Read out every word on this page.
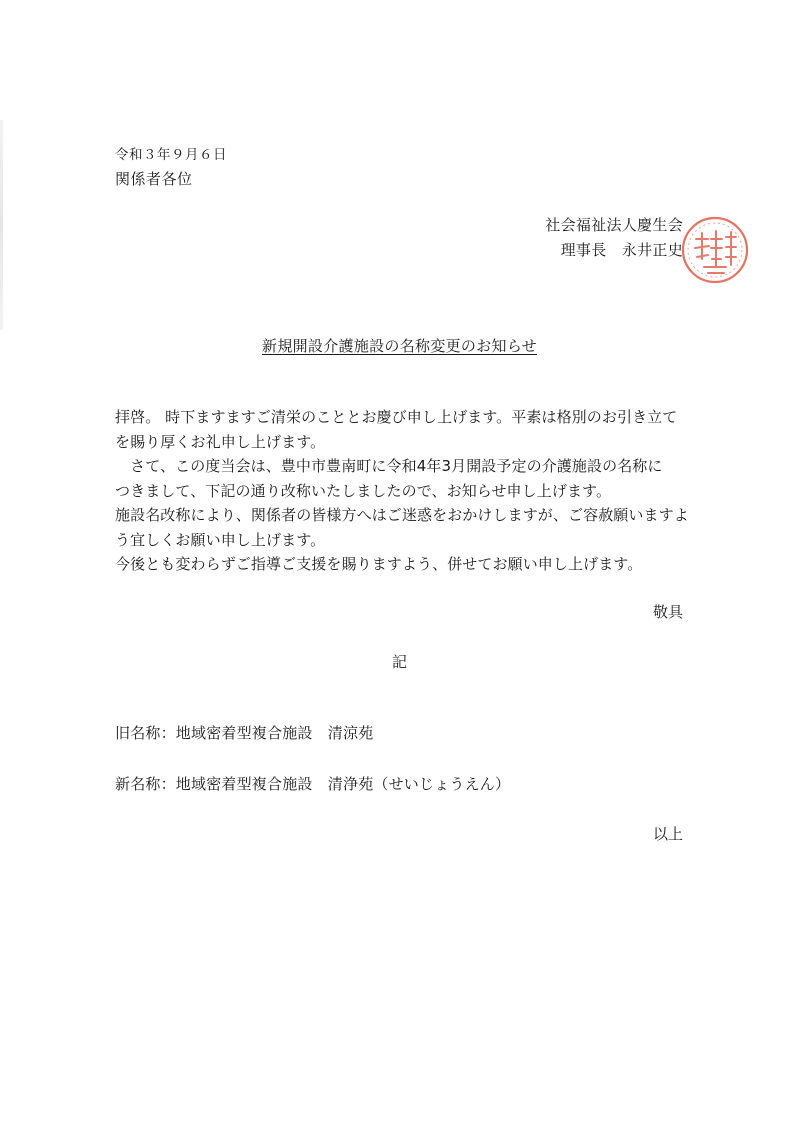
令和３年９月６日
関係者各位
社会福祉法人慶生会
理事長　永井正史
新規開設介護施設の名称変更のお知らせ

拝啓。 時下ますますご清栄のこととお慶び申し上げます。平素は格別のお引き立て

を賜り厚くお礼申し上げます。

　さて、この度当会は、豊中市豊南町に令和4年3月開設予定の介護施設の名称に

つきまして、下記の通り改称いたしましたので、お知らせ申し上げます。

施設名改称により、関係者の皆様方へはご迷惑をおかけしますが、ご容赦願いますよ

う宜しくお願い申し上げます。

今後とも変わらずご指導ご支援を賜りますよう、併せてお願い申し上げます。

敬具
記
旧名称：地域密着型複合施設　清涼苑
新名称：地域密着型複合施設　清浄苑（せいじょうえん）
以上
